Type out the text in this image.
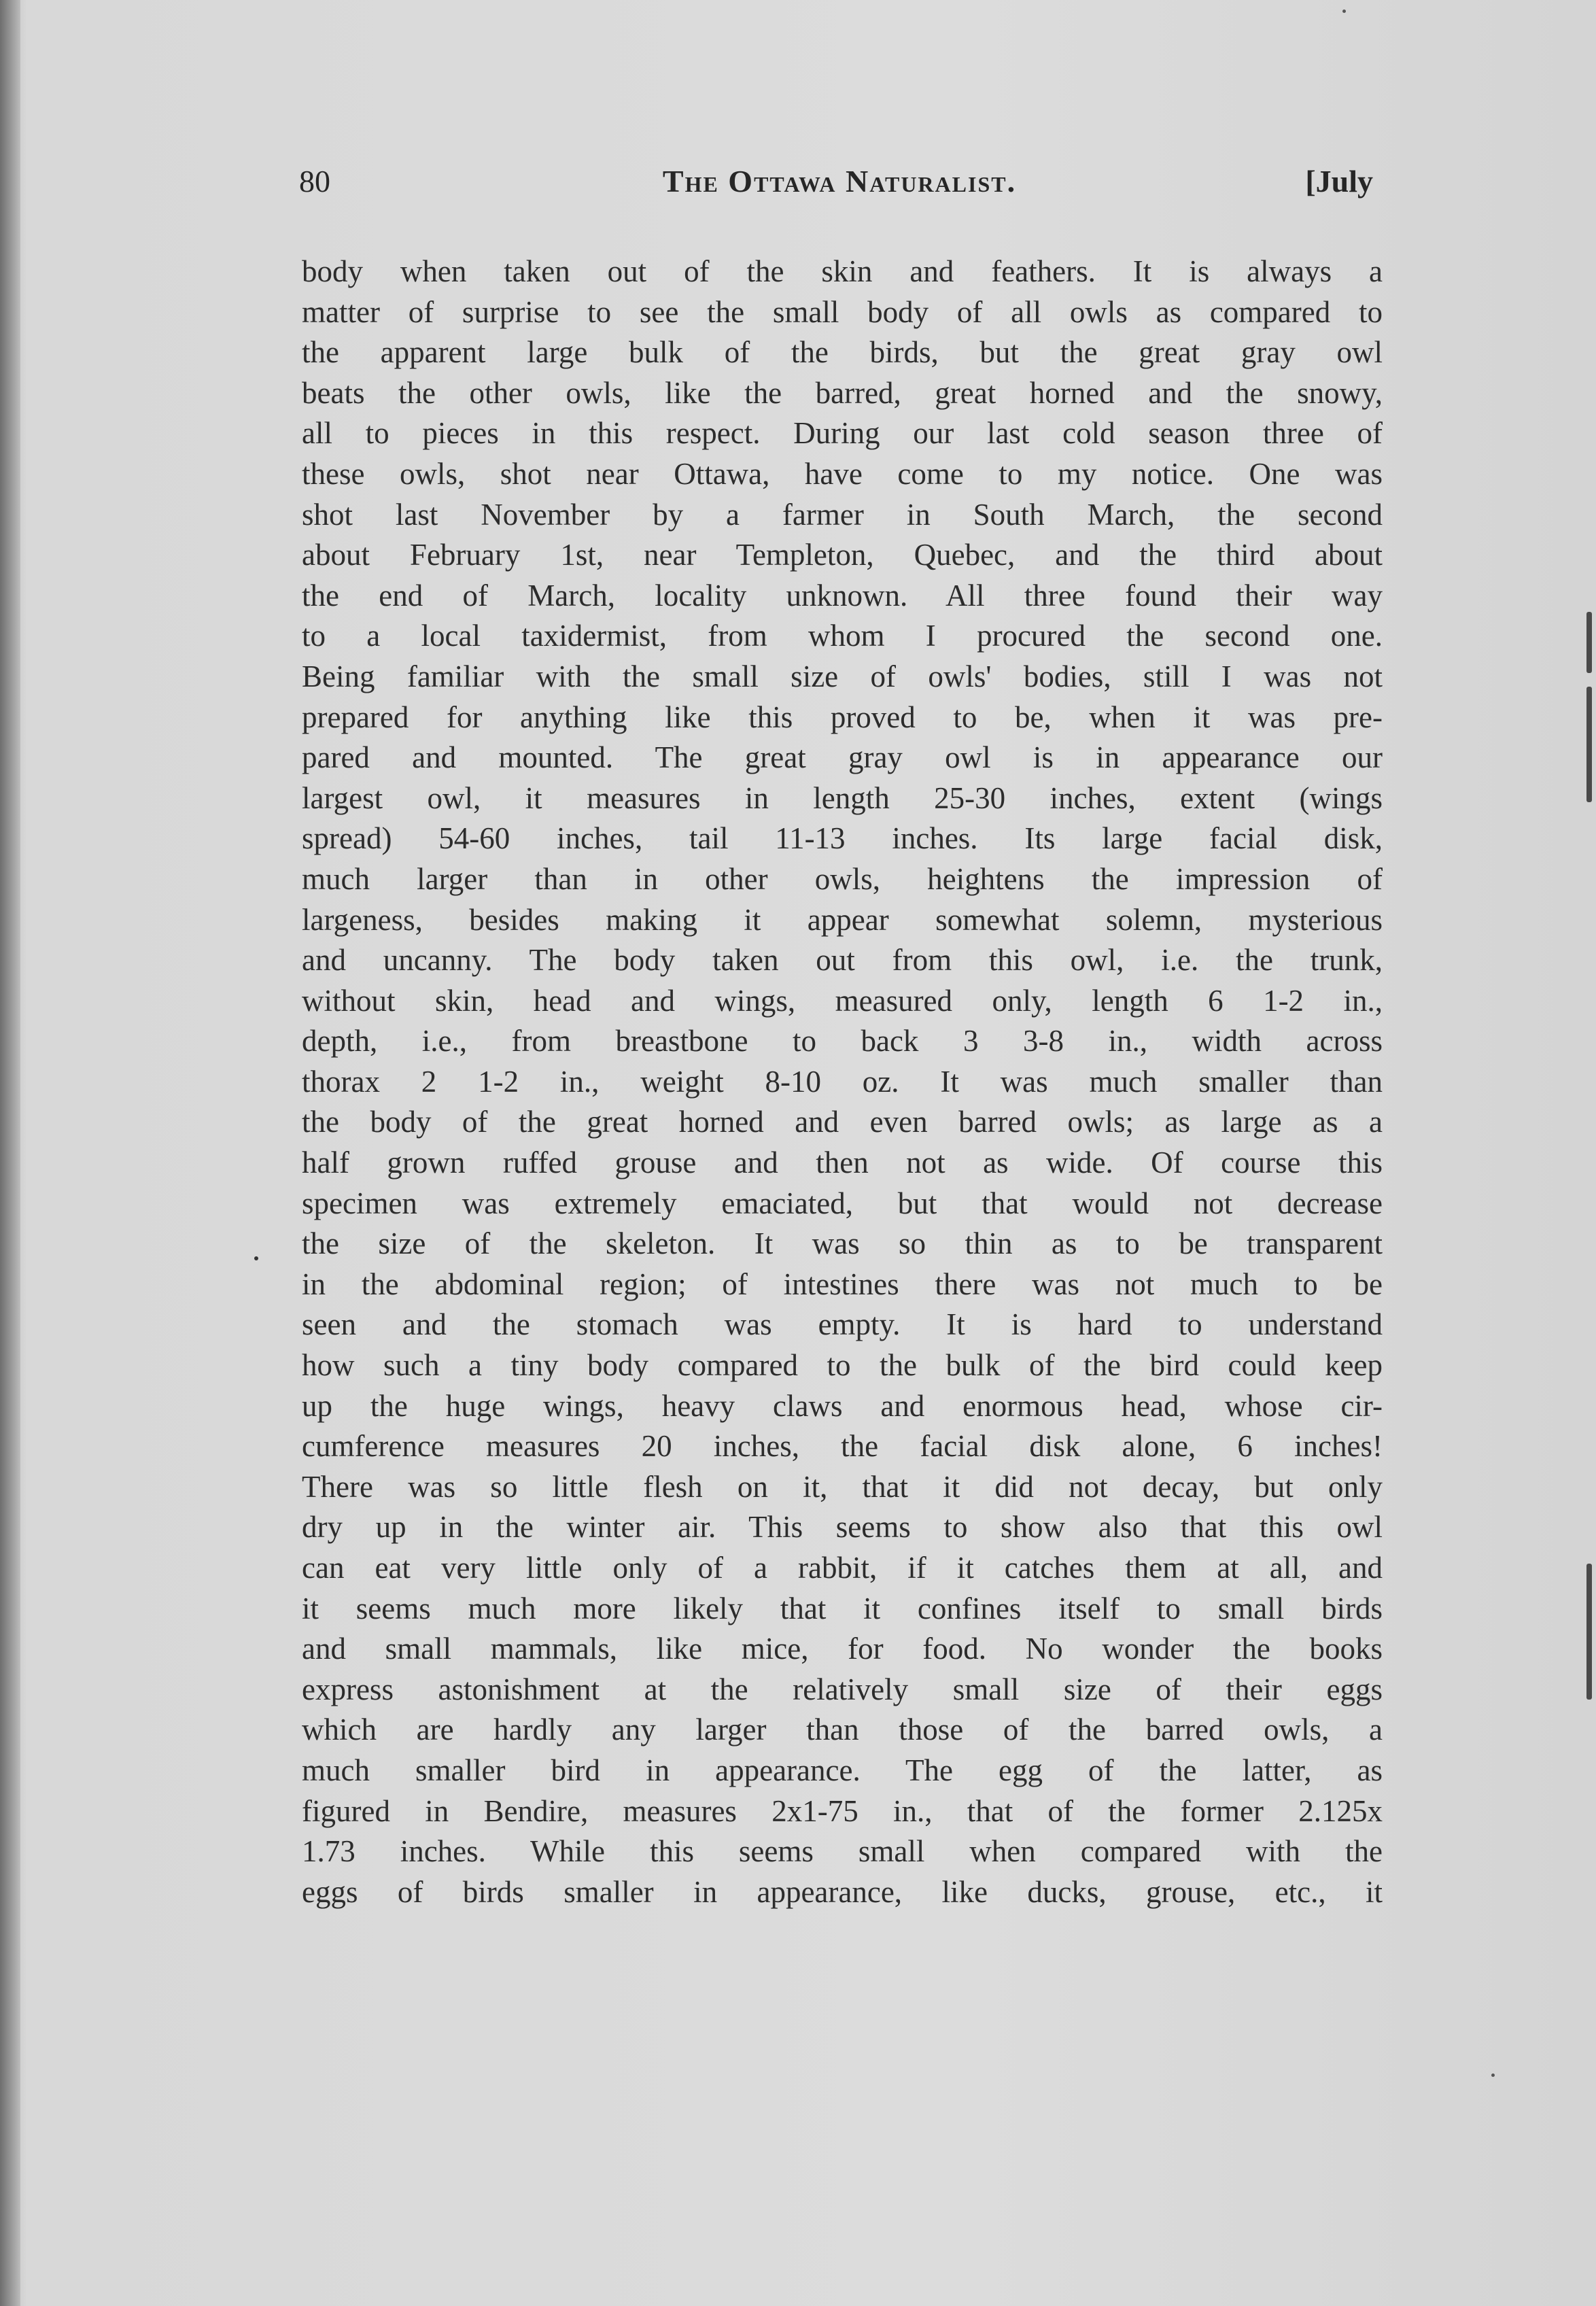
80	The Ottawa Naturalist.	[July
body when taken out of the skin and feathers. It is always a
matter of surprise to see the small body of all owls as compared to
the apparent large bulk of the birds, but the great gray owl
beats the other owls, like the barred, great horned and the snowy,
all to pieces in this respect. During our last cold season three of
these owls, shot near Ottawa, have come to my notice. One was
shot last November by a farmer in South March, the second
about February 1st, near Templeton, Quebec, and the third about
the end of March, locality unknown. All three found their way
to a local taxidermist, from whom I procured the second one.
Being familiar with the small size of owls' bodies, still I was not
prepared for anything like this proved to be, when it was pre-
pared and mounted. The great gray owl is in appearance our
largest owl, it measures in length 25-30 inches, extent (wings
spread) 54-60 inches, tail 11-13 inches. Its large facial disk,
much larger than in other owls, heightens the impression of
largeness, besides making it appear somewhat solemn, mysterious
and uncanny. The body taken out from this owl, i.e. the trunk,
without skin, head and wings, measured only, length 6 1-2 in.,
depth, i.e., from breastbone to back 3 3-8 in., width across
thorax 2 1-2 in., weight 8-10 oz. It was much smaller than
the body of the great horned and even barred owls; as large as a
half grown ruffed grouse and then not as wide. Of course this
specimen was extremely emaciated, but that would not decrease
the size of the skeleton. It was so thin as to be transparent
in the abdominal region; of intestines there was not much to be
seen and the stomach was empty. It is hard to understand
how such a tiny body compared to the bulk of the bird could keep
up the huge wings, heavy claws and enormous head, whose cir-
cumference measures 20 inches, the facial disk alone, 6 inches!
There was so little flesh on it, that it did not decay, but only
dry up in the winter air. This seems to show also that this owl
can eat very little only of a rabbit, if it catches them at all, and
it seems much more likely that it confines itself to small birds
and small mammals, like mice, for food. No wonder the books
express astonishment at the relatively small size of their eggs
which are hardly any larger than those of the barred owls, a
much smaller bird in appearance. The egg of the latter, as
figured in Bendire, measures 2x1-75 in., that of the former 2.125x
1.73 inches. While this seems small when compared with the
eggs of birds smaller in appearance, like ducks, grouse, etc., it
